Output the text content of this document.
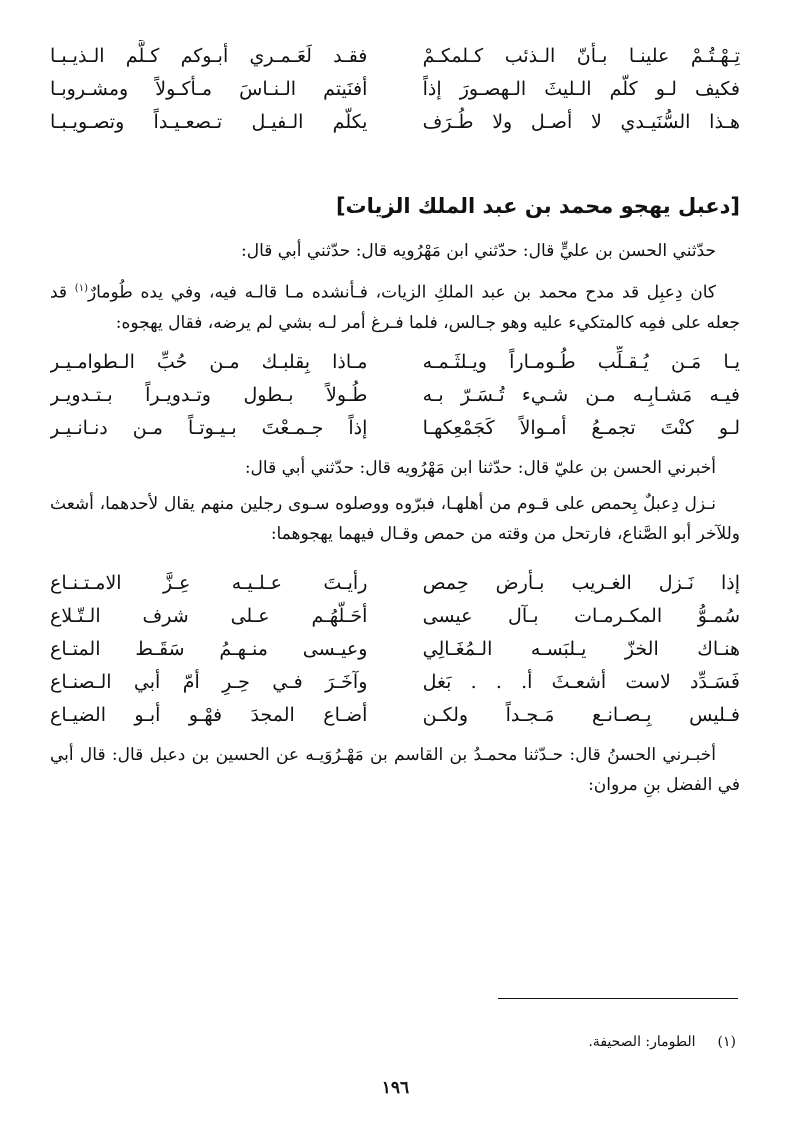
تِـهْـتُـمْ علينـا بـأنّ الـذئب كـلمكـمْ
فقـد لَعَـمـري أبـوكم كـلَّم الـذيـبـا
فكيف لـو كلّم الـليثَ الـهصـورَ إذاً
أفنَيتم الـنـاسَ مـأكـولاً ومشـروبـا
هـذا السُّنَيـدي لا أصـل ولا طُـرَف
يكلّم الـفيـل تـصعـيـداً وتصـويـبـا
[دعبل يهجو محمد بن عبد الملك الزيات]

حدّثني الحسن بن عليٍّ قال: حدّثني ابن مَهْرُويه قال: حدّثني أبي قال:

كان دِعبِل قد مدح محمد بن عبد الملكِ الزيات، فـأنشده مـا قالـه فيه، وفي يده طُومارٌ$^{(١)}$ قد جعله على فمِه كالمتكيء عليه وهو جـالس، فلما فـرغ أمر لـه بشي لم يرضه، فقال يهجوه:

يـا مَـن يُـقـلِّب طُـومـاراً ويـلثَـمـه
مـاذا بِقلبـك مـن حُبِّ الـطوامـيـر
فيـه مَشـابِـه مـن شـيء تُـسَـرّ بـه
طُـولاً بـطول وتـدويـراً بـتـدويـر
لـو كنْتَ تجمـعُ أمـوالاً كَجَمْعِكهـا
إذاً جـمـعْتَ بـيـوتـاً مـن دنـانـيـر

أخبرني الحسن بن عليّ قال: حدّثنا ابن مَهْرُويه قال: حدّثني أبي قال:

نـزل دِعبلٌ بِحمص على قـوم من أهلهـا، فبرّوه ووصلوه سـوى رجلين منهم يقال لأحدهما، أشعث وللآخر أبو الصَّناع، فارتحل من وقته من حمص وقـال فيهما يهجوهما:

إذا نَـزل الغـريب بـأرض حِمص
رأيـتَ عـلـيـه عِـزَّ الامـتـنـاع
سُمـوُّ المكـرمـات بـآل عيسى
أحَـلّهُـم عـلى شرف الـتّـلاع
هنـاك الخزّ يـلبَسـه الـمُغَـالِي
وعيـسى منـهـمُ سَقَـط المتـاع
فَسَـدِّد لاست أشعـثَ أ. . . بَغل
وآخَـرَ فـي حِـرِ أمّ أبي الـصنـاع
فـليس بِـصـانـع مَـجـداً ولكـن
أضـاع المجدَ فهْـو أبـو الضيـاع

أخبـرني الحسنُ قال: حـدّثنا محمـدُ بن القاسم بن مَهْـرُوَيـه عن الحسين بن دعبل قال: قال أبي في الفضل بنِ مروان:

(١)الطومار: الصحيفة.
١٩٦
